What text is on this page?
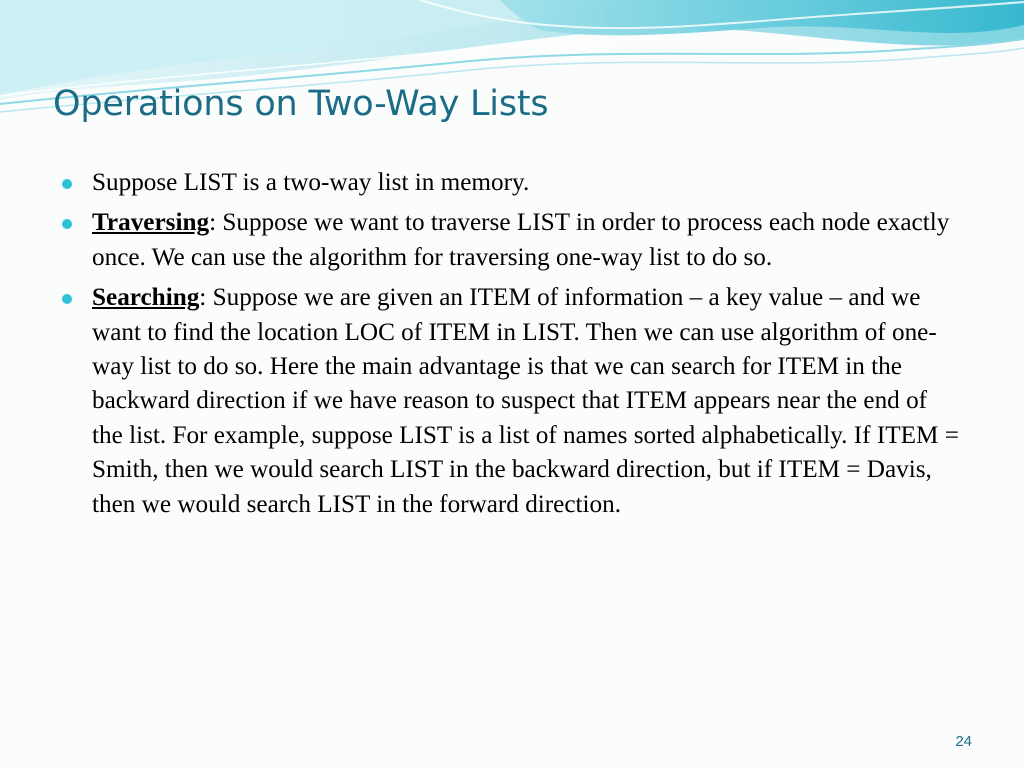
Operations on Two-Way Lists
Suppose LIST is a two-way list in memory.
Traversing: Suppose we want to traverse LIST in order to process each node exactly once. We can use the algorithm for traversing one-way list to do so.
Searching: Suppose we are given an ITEM of information – a key value – and we want to find the location LOC of ITEM in LIST. Then we can use algorithm of one-way list to do so. Here the main advantage is that we can search for ITEM in the backward direction if we have reason to suspect that ITEM appears near the end of the list. For example, suppose LIST is a list of names sorted alphabetically. If ITEM = Smith, then we would search LIST in the backward direction, but if ITEM = Davis, then we would search LIST in the forward direction.
24
